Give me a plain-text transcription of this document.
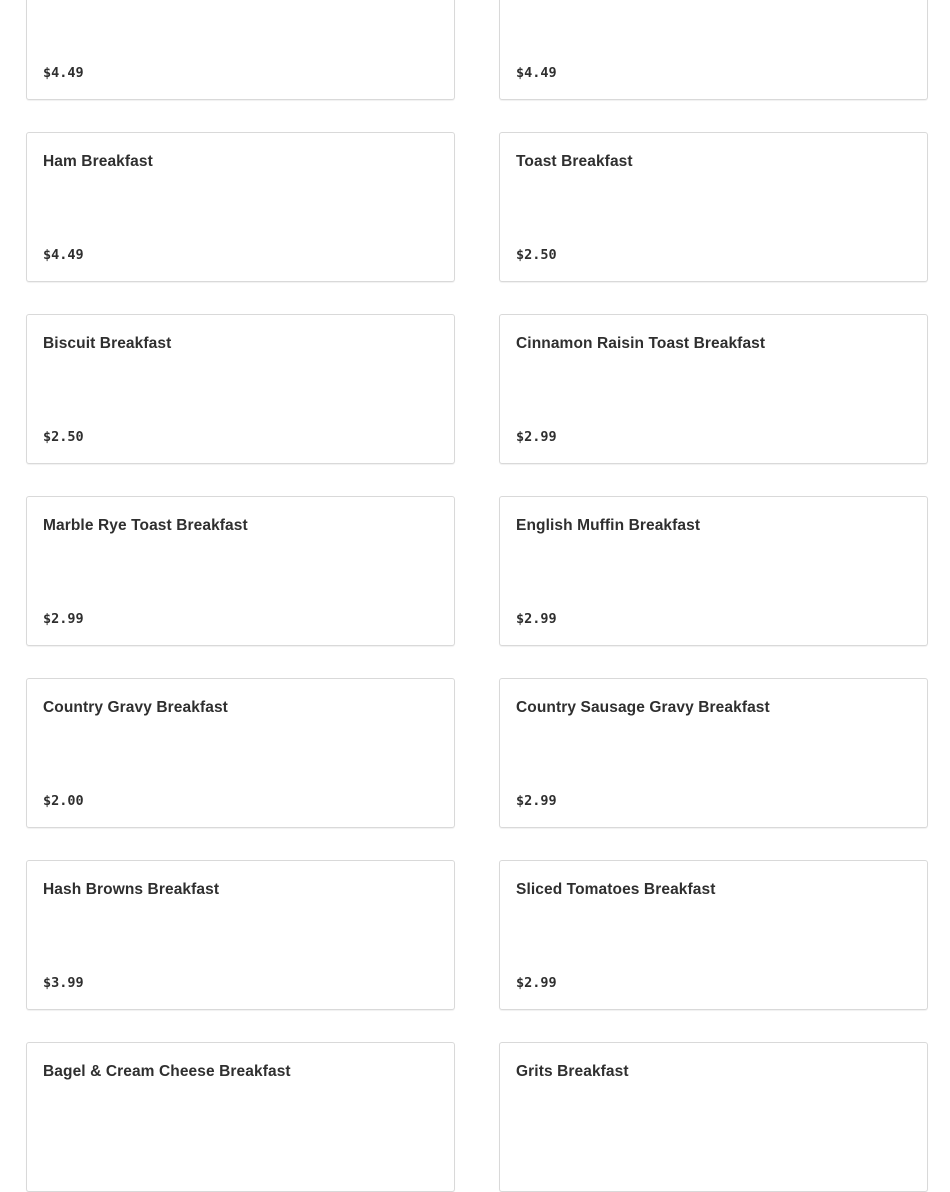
$4.49	$4.49
Ham Breakfast
$4.49
Toast Breakfast
$2.50
Biscuit Breakfast
$2.50
Cinnamon Raisin Toast Breakfast
$2.99
Marble Rye Toast Breakfast
$2.99
English Muffin Breakfast
$2.99
Country Gravy Breakfast
$2.00
Country Sausage Gravy Breakfast
$2.99
Hash Browns Breakfast
$3.99
Sliced Tomatoes Breakfast
$2.99
Bagel & Cream Cheese Breakfast	Grits Breakfast
